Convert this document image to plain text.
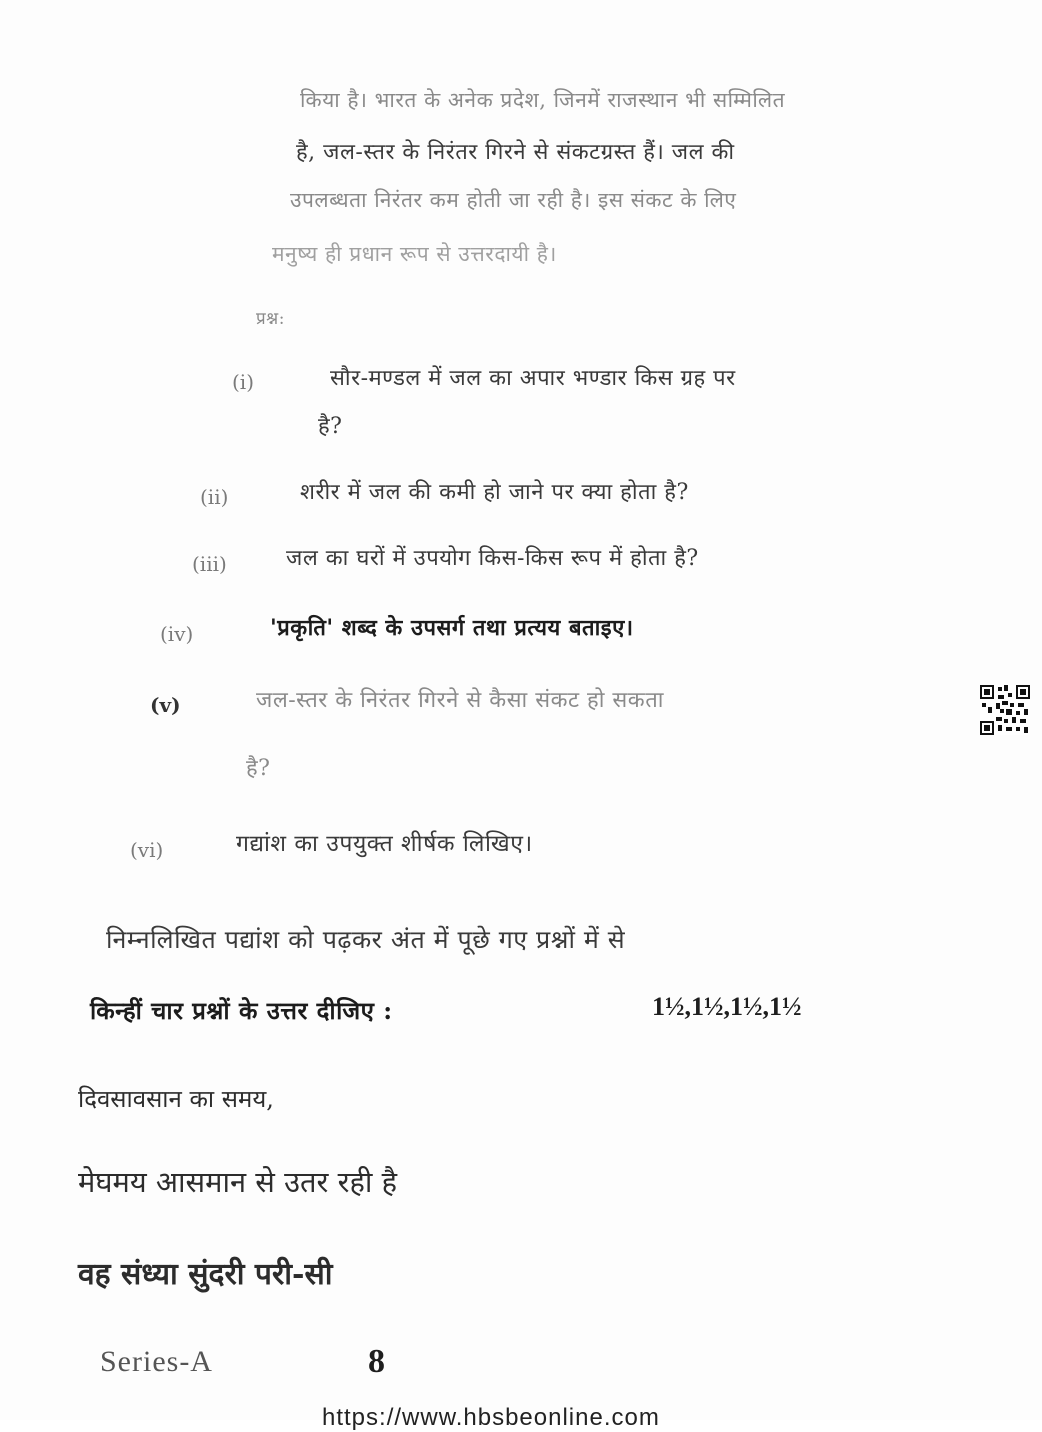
किया है। भारत के अनेक प्रदेश, जिनमें राजस्थान भी सम्मिलित
है, जल-स्तर के निरंतर गिरने से संकटग्रस्त हैं। जल की
उपलब्धता निरंतर कम होती जा रही है। इस संकट के लिए
मनुष्य ही प्रधान रूप से उत्तरदायी है।
प्रश्न:
(i)	सौर-मण्डल में जल का अपार भण्डार किस ग्रह पर
है?
(ii)	शरीर में जल की कमी हो जाने पर क्या होता है?
(iii)	जल का घरों में उपयोग किस-किस रूप में होता है?
(iv)	'प्रकृति' शब्द के उपसर्ग तथा प्रत्यय बताइए।
(v)	जल-स्तर के निरंतर गिरने से कैसा संकट हो सकता
है?
(vi)	गद्यांश का उपयुक्त शीर्षक लिखिए।
निम्नलिखित पद्यांश को पढ़कर अंत में पूछे गए प्रश्नों में से
किन्हीं चार प्रश्नों के उत्तर दीजिए :	1½,1½,1½,1½
दिवसावसान का समय,
मेघमय आसमान से उतर रही है
वह संध्या सुंदरी परी-सी
Series-A	8
https://www.hbsbeonline.com
